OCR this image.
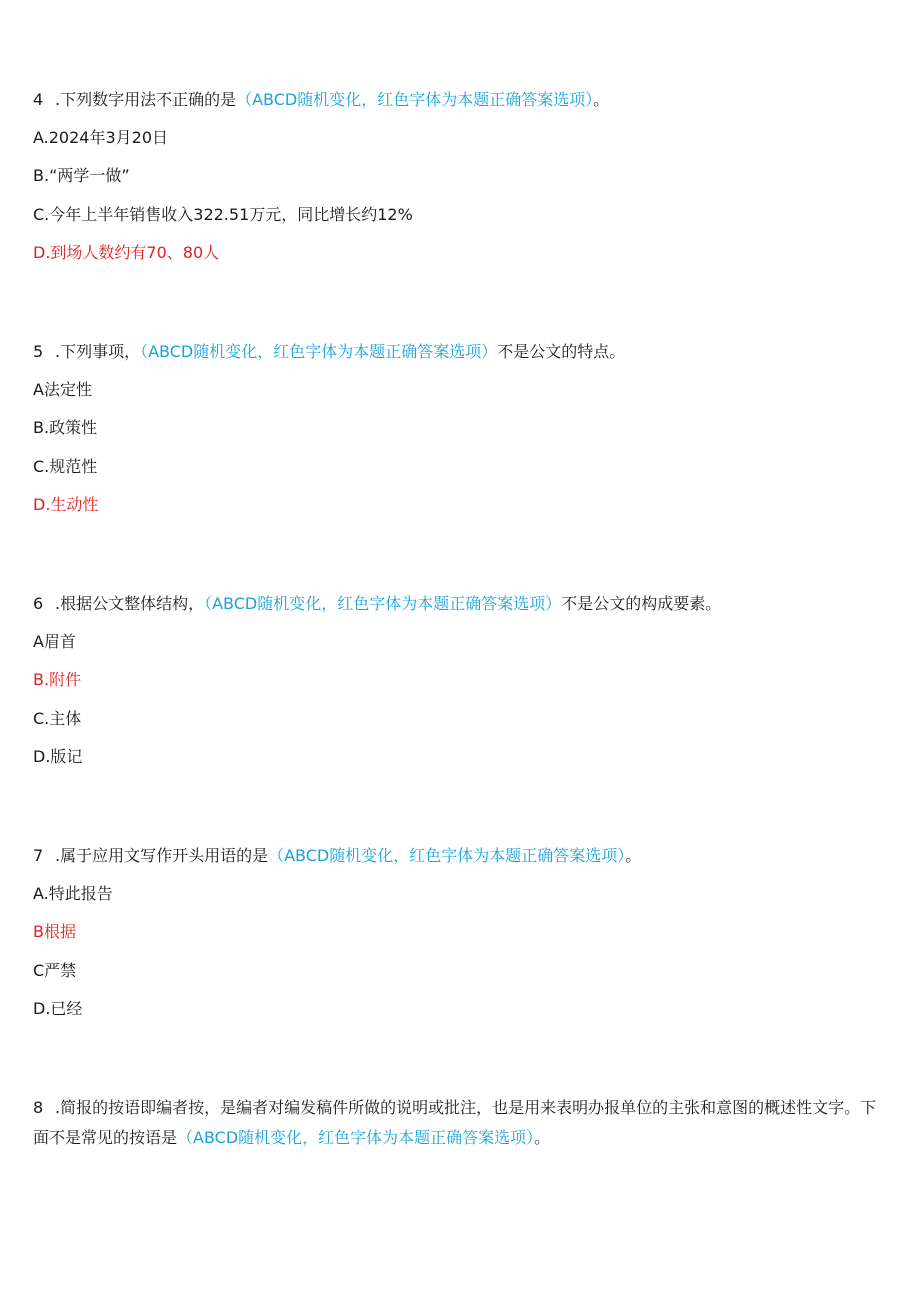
4 .下列数字用法不正确的是（ABCD随机变化，红色字体为本题正确答案选项）。

A.2024年3月20日

B.“两学一做”

C.今年上半年销售收入322.51万元，同比增长约12%

D.到场人数约有70、80人

5 .下列事项，（ABCD随机变化，红色字体为本题正确答案选项）不是公文的特点。

A法定性

B.政策性

C.规范性

D.生动性

6 .根据公文整体结构，（ABCD随机变化，红色字体为本题正确答案选项）不是公文的构成要素。

A眉首

B.附件

C.主体

D.版记

7 .属于应用文写作开头用语的是（ABCD随机变化，红色字体为本题正确答案选项）。

A.特此报告

B根据

C严禁

D.已经

8 .简报的按语即编者按，是编者对编发稿件所做的说明或批注，也是用来表明办报单位的主张和意图的概述性文字。下面不是常见的按语是（ABCD随机变化，红色字体为本题正确答案选项）。
